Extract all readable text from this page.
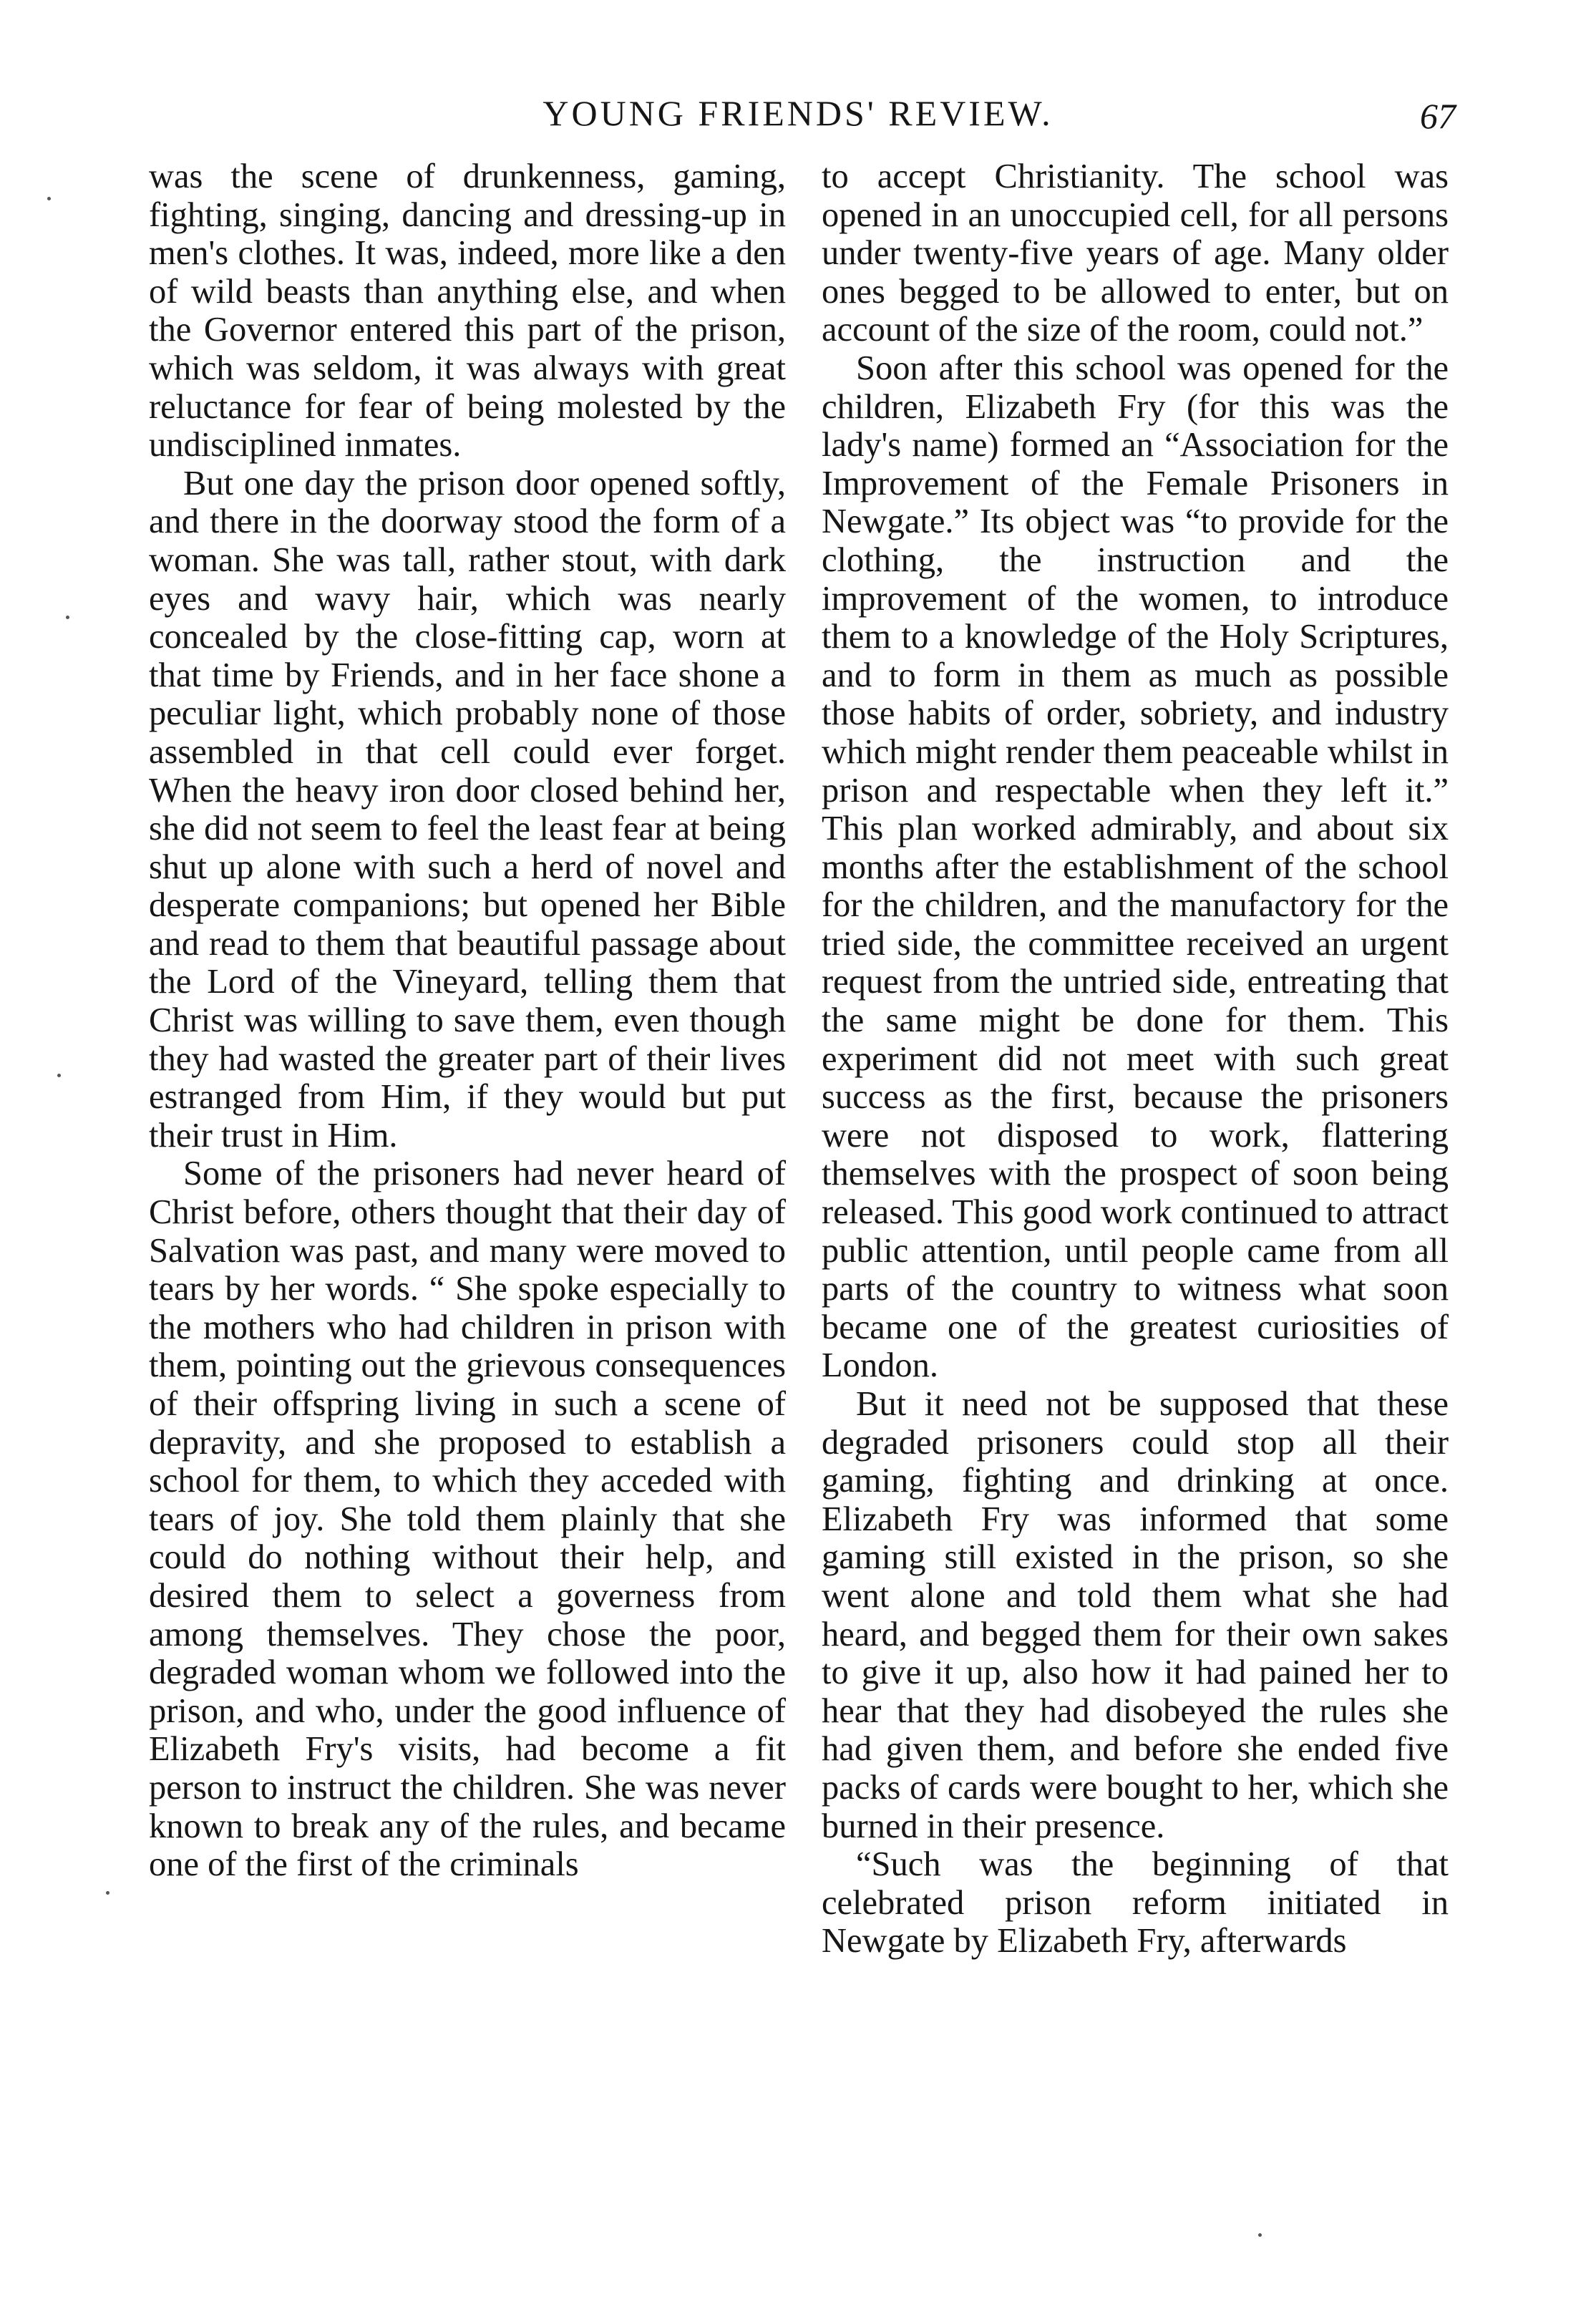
YOUNG FRIENDS' REVIEW.	67

was the scene of drunkenness, gaming, fighting, singing, dancing and dressing-up in men's clothes. It was, indeed, more like a den of wild beasts than anything else, and when the Governor entered this part of the prison, which was seldom, it was always with great reluctance for fear of being molested by the undisciplined inmates.

But one day the prison door opened softly, and there in the doorway stood the form of a woman. She was tall, rather stout, with dark eyes and wavy hair, which was nearly concealed by the close-fitting cap, worn at that time by Friends, and in her face shone a peculiar light, which probably none of those assembled in that cell could ever forget. When the heavy iron door closed behind her, she did not seem to feel the least fear at being shut up alone with such a herd of novel and desperate companions; but opened her Bible and read to them that beautiful passage about the Lord of the Vineyard, telling them that Christ was willing to save them, even though they had wasted the greater part of their lives estranged from Him, if they would but put their trust in Him.

Some of the prisoners had never heard of Christ before, others thought that their day of Salvation was past, and many were moved to tears by her words. “ She spoke especially to the mothers who had children in prison with them, pointing out the grievous consequences of their offspring living in such a scene of depravity, and she proposed to establish a school for them, to which they acceded with tears of joy. She told them plainly that she could do nothing without their help, and desired them to select a governess from among themselves. They chose the poor, degraded woman whom we followed into the prison, and who, under the good influence of Elizabeth Fry's visits, had become a fit person to instruct the children. She was never known to break any of the rules, and became one of the first of the criminals

to accept Christianity. The school was opened in an unoccupied cell, for all persons under twenty-five years of age. Many older ones begged to be allowed to enter, but on account of the size of the room, could not.”

Soon after this school was opened for the children, Elizabeth Fry (for this was the lady's name) formed an “Association for the Improvement of the Female Prisoners in Newgate.” Its object was “to provide for the clothing, the instruction and the improvement of the women, to introduce them to a knowledge of the Holy Scriptures, and to form in them as much as possible those habits of order, sobriety, and industry which might render them peaceable whilst in prison and respectable when they left it.” This plan worked admirably, and about six months after the establishment of the school for the children, and the manufactory for the tried side, the committee received an urgent request from the untried side, entreating that the same might be done for them. This experiment did not meet with such great success as the first, because the prisoners were not disposed to work, flattering themselves with the prospect of soon being released. This good work continued to attract public attention, until people came from all parts of the country to witness what soon became one of the greatest curiosities of London.

But it need not be supposed that these degraded prisoners could stop all their gaming, fighting and drinking at once. Elizabeth Fry was informed that some gaming still existed in the prison, so she went alone and told them what she had heard, and begged them for their own sakes to give it up, also how it had pained her to hear that they had disobeyed the rules she had given them, and before she ended five packs of cards were bought to her, which she burned in their presence.

“Such was the beginning of that celebrated prison reform initiated in Newgate by Elizabeth Fry, afterwards
